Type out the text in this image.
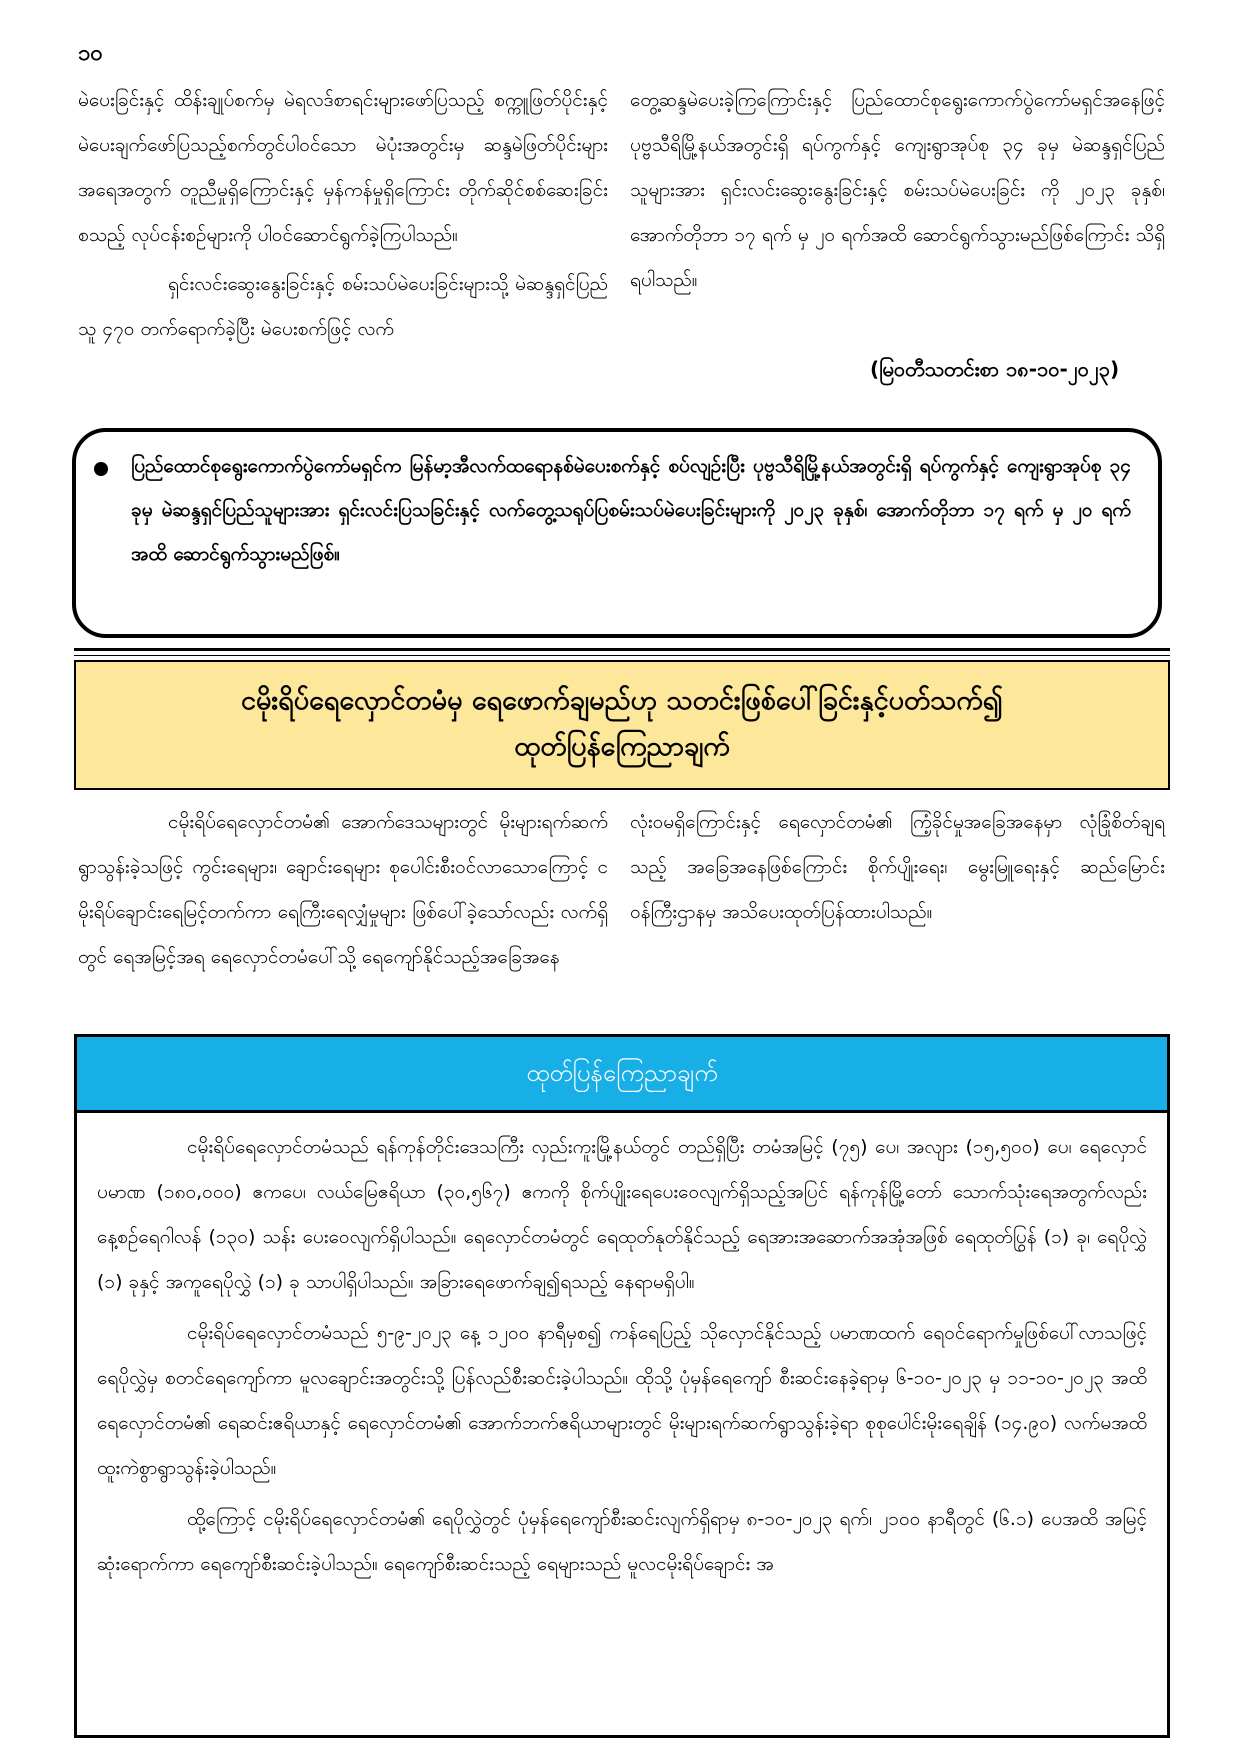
၁၀

မဲပေးခြင်းနှင့် ထိန်းချုပ်စက်မှ မဲရလဒ်စာရင်းများဖော်ပြသည့် စက္ကူဖြတ်ပိုင်းနှင့် မဲပေးချက်ဖော်ပြသည့်စက်တွင်ပါဝင်သော မဲပုံးအတွင်းမှ ဆန္ဒမဲဖြတ်ပိုင်းများအရေအတွက် တူညီမှုရှိကြောင်းနှင့် မှန်ကန်မှုရှိကြောင်း တိုက်ဆိုင်စစ်ဆေးခြင်း စသည့် လုပ်ငန်းစဉ်များကို ပါဝင်ဆောင်ရွက်ခဲ့ကြပါသည်။

ရှင်းလင်းဆွေးနွေးခြင်းနှင့် စမ်းသပ်မဲပေးခြင်းများသို့ မဲဆန္ဒရှင်ပြည်သူ ၄၇၀ တက်ရောက်ခဲ့ပြီး မဲပေးစက်ဖြင့် လက်

တွေ့ဆန္ဒမဲပေးခဲ့ကြကြောင်းနှင့် ပြည်ထောင်စုရွေးကောက်ပွဲကော်မရှင်အနေဖြင့် ပုဗ္ဗသီရိမြို့နယ်အတွင်းရှိ ရပ်ကွက်နှင့် ကျေးရွာအုပ်စု ၃၄ ခုမှ မဲဆန္ဒရှင်ပြည်သူများအား ရှင်းလင်းဆွေးနွေးခြင်းနှင့် စမ်းသပ်မဲပေးခြင်း ကို ၂၀၂၃ ခုနှစ်၊ အောက်တိုဘာ ၁၇ ရက် မှ ၂၀ ရက်အထိ ဆောင်ရွက်သွားမည်ဖြစ်ကြောင်း သိရှိရပါသည်။

(မြဝတီသတင်းစာ ၁၈-၁၀-၂၀၂၃)
ပြည်ထောင်စုရွေးကောက်ပွဲကော်မရှင်က မြန်မာ့အီလက်ထရောနစ်မဲပေးစက်နှင့် စပ်လျဉ်းပြီး ပုဗ္ဗသီရိမြို့နယ်အတွင်းရှိ ရပ်ကွက်နှင့် ကျေးရွာအုပ်စု ၃၄ ခုမှ မဲဆန္ဒရှင်ပြည်သူများအား ရှင်းလင်းပြသခြင်းနှင့် လက်တွေ့သရုပ်ပြစမ်းသပ်မဲပေးခြင်းများကို ၂၀၂၃ ခုနှစ်၊ အောက်တိုဘာ ၁၇ ရက် မှ ၂၀ ရက်အထိ ဆောင်ရွက်သွားမည်ဖြစ်။
ငမိုးရိပ်ရေလှောင်တမံမှ ရေဖောက်ချမည်ဟု သတင်းဖြစ်ပေါ်ခြင်းနှင့်ပတ်သက်၍
ထုတ်ပြန်ကြေညာချက်

ငမိုးရိပ်ရေလှောင်တမံ၏ အောက်ဒေသများတွင် မိုးများရက်ဆက်ရွာသွန်းခဲ့သဖြင့် ကွင်းရေများ၊ ချောင်းရေများ စုပေါင်းစီးဝင်လာသောကြောင့် ငမိုးရိပ်ချောင်းရေမြင့်တက်ကာ ရေကြီးရေလျှံမှုများ ဖြစ်ပေါ်ခဲ့သော်လည်း လက်ရှိတွင် ရေအမြင့်အရ ရေလှောင်တမံပေါ်သို့ ရေကျော်နိုင်သည့်အခြေအနေ

လုံးဝမရှိကြောင်းနှင့် ရေလှောင်တမံ၏ ကြံ့ခိုင်မှုအခြေအနေမှာ လုံခြုံစိတ်ချရသည့် အခြေအနေဖြစ်ကြောင်း စိုက်ပျိုးရေး၊ မွေးမြူရေးနှင့် ဆည်မြောင်းဝန်ကြီးဌာနမှ အသိပေးထုတ်ပြန်ထားပါသည်။

ထုတ်ပြန်ကြေညာချက်

ငမိုးရိပ်ရေလှောင်တမံသည် ရန်ကုန်တိုင်းဒေသကြီး လှည်းကူးမြို့နယ်တွင် တည်ရှိပြီး တမံအမြင့် (၇၅) ပေ၊ အလျား (၁၅,၅၀၀) ပေ၊ ရေလှောင်ပမာဏ (၁၈၀,၀၀၀) ဧကပေ၊ လယ်မြေဧရိယာ (၃၀,၅၆၇) ဧကကို စိုက်ပျိုးရေပေးဝေလျက်ရှိသည့်အပြင် ရန်ကုန်မြို့တော် သောက်သုံးရေအတွက်လည်း နေ့စဉ်ရေဂါလန် (၁၃၀) သန်း ပေးဝေလျက်ရှိပါသည်။ ရေလှောင်တမံတွင် ရေထုတ်နုတ်နိုင်သည့် ရေအားအဆောက်အအုံအဖြစ် ရေထုတ်ပြွန် (၁) ခု၊ ရေပိုလွှဲ (၁) ခုနှင့် အကူရေပိုလွှဲ (၁) ခု သာပါရှိပါသည်။ အခြားရေဖောက်ချ၍ရသည့် နေရာမရှိပါ။

ငမိုးရိပ်ရေလှောင်တမံသည် ၅-၉-၂၀၂၃ နေ့ ၁၂၀၀ နာရီမှစ၍ ကန်ရေပြည့် သိုလှောင်နိုင်သည့် ပမာဏထက် ရေဝင်ရောက်မှုဖြစ်ပေါ်လာသဖြင့် ရေပိုလွှဲမှ စတင်ရေကျော်ကာ မူလချောင်းအတွင်းသို့ ပြန်လည်စီးဆင်းခဲ့ပါသည်။ ထိုသို့ ပုံမှန်ရေကျော် စီးဆင်းနေခဲ့ရာမှ ၆-၁၀-၂၀၂၃ မှ ၁၁-၁၀-၂၀၂၃ အထိ ရေလှောင်တမံ၏ ရေဆင်းဧရိယာနှင့် ရေလှောင်တမံ၏ အောက်ဘက်ဧရိယာများတွင် မိုးများရက်ဆက်ရွာသွန်းခဲ့ရာ စုစုပေါင်းမိုးရေချိန် (၁၄.၉၀) လက်မအထိ ထူးကဲစွာရွာသွန်းခဲ့ပါသည်။

ထို့ကြောင့် ငမိုးရိပ်ရေလှောင်တမံ၏ ရေပိုလွှဲတွင် ပုံမှန်ရေကျော်စီးဆင်းလျက်ရှိရာမှ ၈-၁၀-၂၀၂၃ ရက်၊ ၂၁၀၀ နာရီတွင် (၆.၁) ပေအထိ အမြင့်ဆုံးရောက်ကာ ရေကျော်စီးဆင်းခဲ့ပါသည်။ ရေကျော်စီးဆင်းသည့် ရေများသည် မူလငမိုးရိပ်ချောင်း အ
